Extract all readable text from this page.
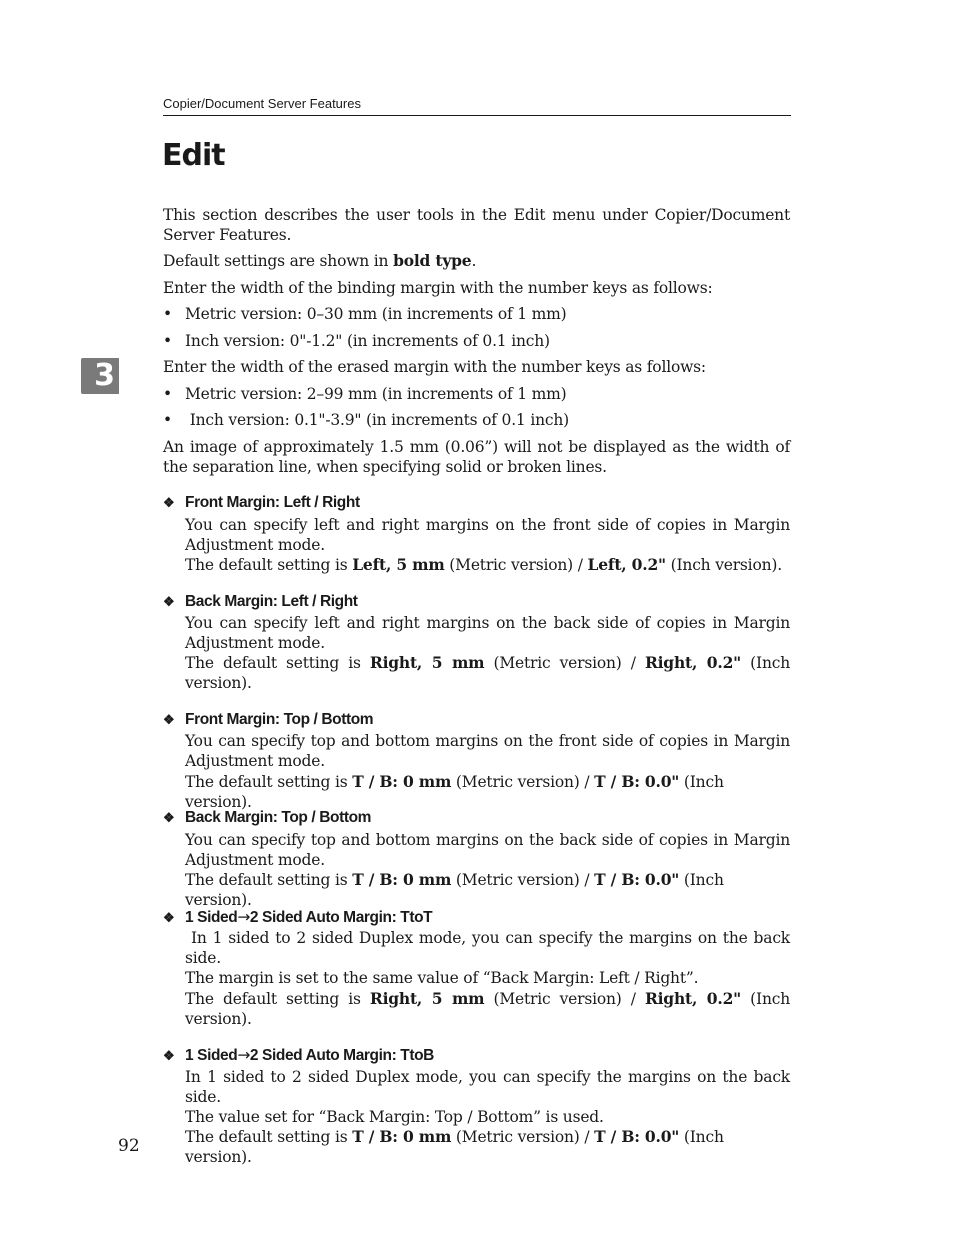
Copier/Document Server Features
Edit
3

This section describes the user tools in the Edit menu under Copier/Document Server Features.

Default settings are shown in bold type.

Enter the width of the binding margin with the number keys as follows:

• Metric version: 0–30 mm (in increments of 1 mm)
• Inch version: 0"-1.2" (in increments of 0.1 inch)

Enter the width of the erased margin with the number keys as follows:

• Metric version: 2–99 mm (in increments of 1 mm)
• Inch version: 0.1"-3.9" (in increments of 0.1 inch)

An image of approximately 1.5 mm (0.06”) will not be displayed as the width of the separation line, when specifying solid or broken lines.

❖ Front Margin: Left / Right

You can specify left and right margins on the front side of copies in Margin Adjustment mode.

The default setting is Left, 5 mm (Metric version) / Left, 0.2" (Inch version).

❖ Back Margin: Left / Right

You can specify left and right margins on the back side of copies in Margin Adjustment mode.

The default setting is Right, 5 mm (Metric version) / Right, 0.2" (Inch version).

❖ Front Margin: Top / Bottom

You can specify top and bottom margins on the front side of copies in Margin Adjustment mode.

The default setting is T / B: 0 mm (Metric version) / T / B: 0.0" (Inch version).

❖ Back Margin: Top / Bottom

You can specify top and bottom margins on the back side of copies in Margin Adjustment mode.

The default setting is T / B: 0 mm (Metric version) / T / B: 0.0" (Inch version).

❖ 1 Sided→2 Sided Auto Margin: TtoT

In 1 sided to 2 sided Duplex mode, you can specify the margins on the back side.

The margin is set to the same value of “Back Margin: Left / Right”.

The default setting is Right, 5 mm (Metric version) / Right, 0.2" (Inch version).

❖ 1 Sided→2 Sided Auto Margin: TtoB

In 1 sided to 2 sided Duplex mode, you can specify the margins on the back side.

The value set for “Back Margin: Top / Bottom” is used.

The default setting is T / B: 0 mm (Metric version) / T / B: 0.0" (Inch version).

92
